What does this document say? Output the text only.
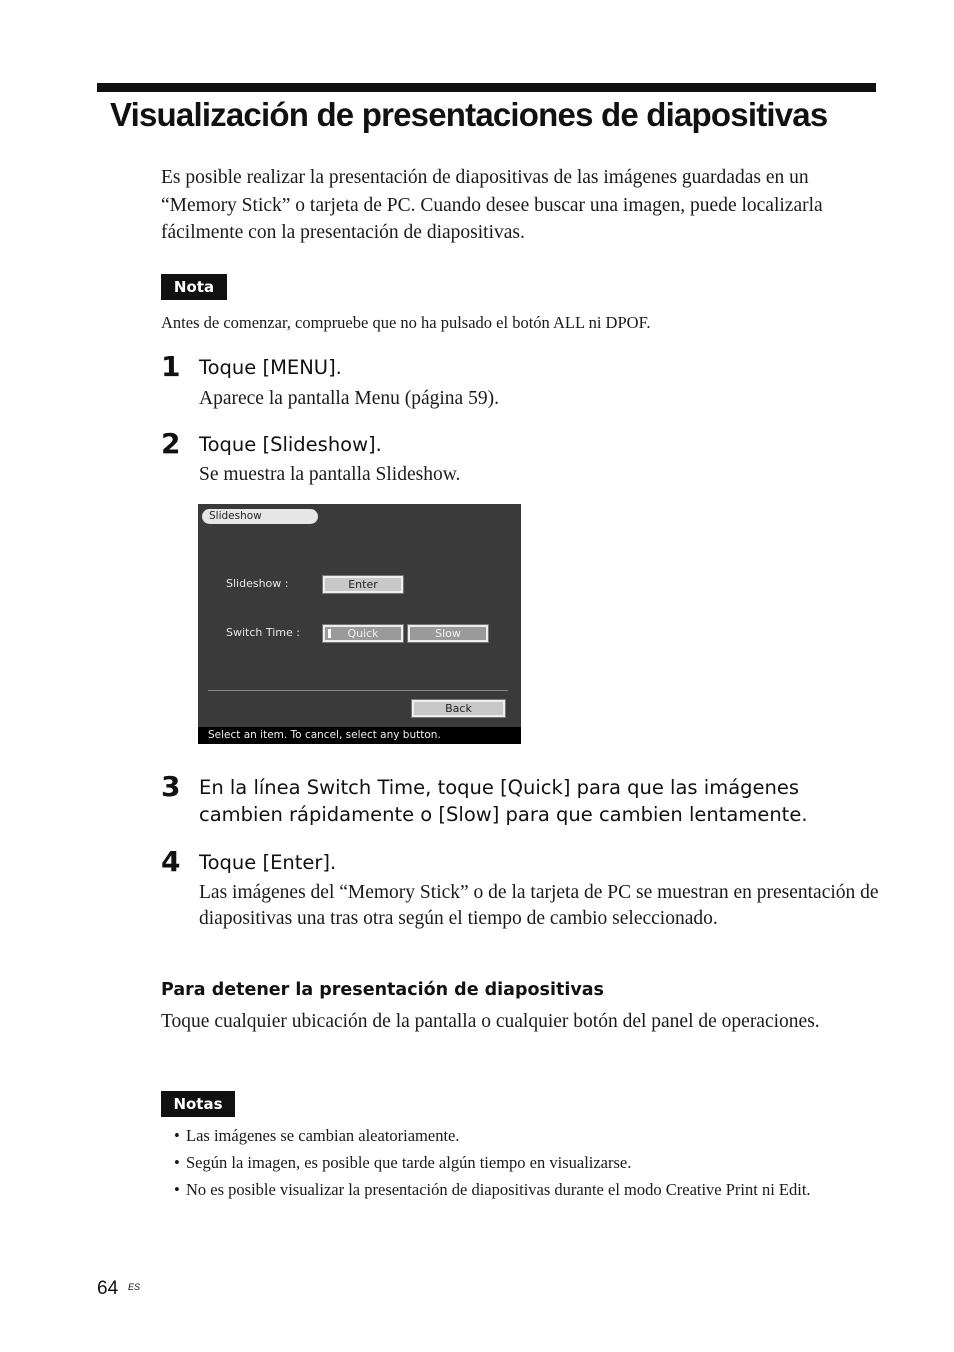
Visualización de presentaciones de diapositivas

Es posible realizar la presentación de diapositivas de las imágenes guardadas en un “Memory Stick” o tarjeta de PC. Cuando desee buscar una imagen, puede localizarla fácilmente con la presentación de diapositivas.

Nota

Antes de comenzar, compruebe que no ha pulsado el botón ALL ni DPOF.

1 Toque [MENU].

Aparece la pantalla Menu (página 59).

2 Toque [Slideshow].

Se muestra la pantalla Slideshow.

Slideshow
Slideshow :	Enter
Switch Time :	Quick	Slow
Back
Select an item. To cancel, select any button.
3 En la línea Switch Time, toque [Quick] para que las imágenes cambien rápidamente o [Slow] para que cambien lentamente.

4 Toque [Enter].

Las imágenes del “Memory Stick” o de la tarjeta de PC se muestran en presentación de diapositivas una tras otra según el tiempo de cambio seleccionado.

Para detener la presentación de diapositivas

Toque cualquier ubicación de la pantalla o cualquier botón del panel de operaciones.

Notas
• Las imágenes se cambian aleatoriamente.
• Según la imagen, es posible que tarde algún tiempo en visualizarse.
• No es posible visualizar la presentación de diapositivas durante el modo Creative Print ni Edit.
64 ES
